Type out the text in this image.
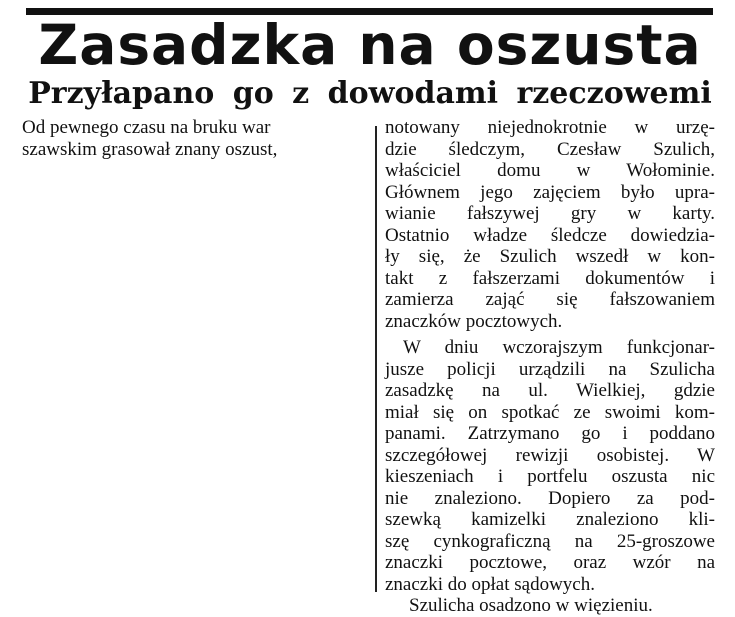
Zasadzka na oszusta
Przyłapano go z dowodami rzeczowemi
Od pewnego czasu na bruku war
szawskim grasował znany oszust,

notowany niejednokrotnie w urzę-
dzie śledczym, Czesław Szulich,
właściciel domu w Wołominie.
Głównem jego zajęciem było upra-
wianie fałszywej gry w karty.
Ostatnio władze śledcze dowiedzia-
ły się, że Szulich wszedł w kon-
takt z fałszerzami dokumentów i
zamierza zająć się fałszowaniem
znaczków pocztowych.

W dniu wczorajszym funkcjonar-
jusze policji urządzili na Szulicha
zasadzkę na ul. Wielkiej, gdzie
miał się on spotkać ze swoimi kom-
panami. Zatrzymano go i poddano
szczegółowej rewizji osobistej. W
kieszeniach i portfelu oszusta nic
nie znaleziono. Dopiero za pod-
szewką kamizelki znaleziono kli-
szę cynkograficzną na 25-groszowe
znaczki pocztowe, oraz wzór na
znaczki do opłat sądowych.

Szulicha osadzono w więzieniu.
